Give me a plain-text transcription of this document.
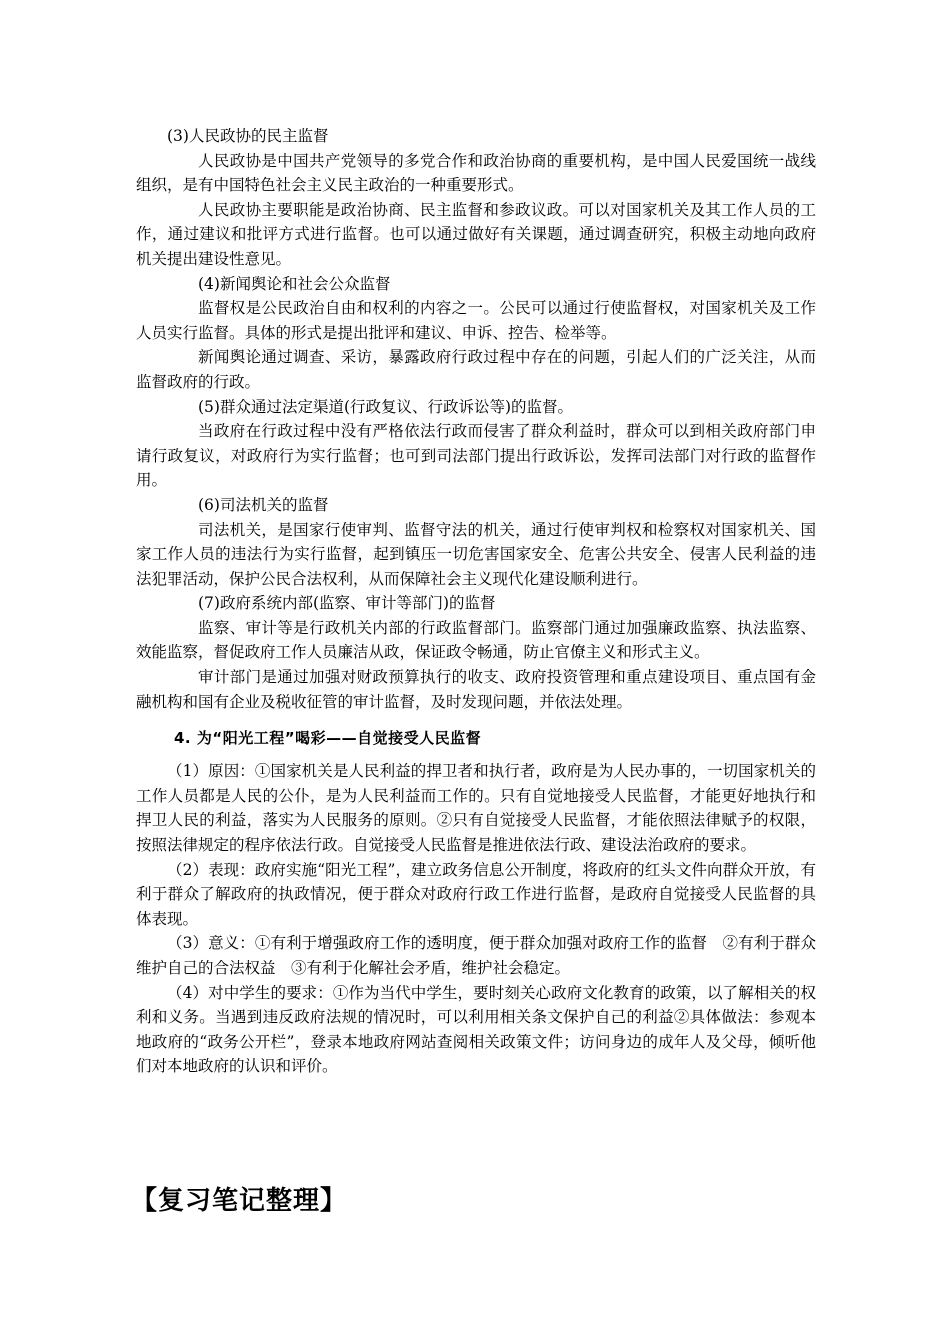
(3)人民政协的民主监督

人民政协是中国共产党领导的多党合作和政治协商的重要机构，是中国人民爱国统一战线组织，是有中国特色社会主义民主政治的一种重要形式。

人民政协主要职能是政治协商、民主监督和参政议政。可以对国家机关及其工作人员的工作，通过建议和批评方式进行监督。也可以通过做好有关课题，通过调查研究，积极主动地向政府机关提出建设性意见。

(4)新闻舆论和社会公众监督

监督权是公民政治自由和权利的内容之一。公民可以通过行使监督权，对国家机关及工作人员实行监督。具体的形式是提出批评和建议、申诉、控告、检举等。

新闻舆论通过调查、采访，暴露政府行政过程中存在的问题，引起人们的广泛关注，从而监督政府的行政。

(5)群众通过法定渠道(行政复议、行政诉讼等)的监督。

当政府在行政过程中没有严格依法行政而侵害了群众利益时，群众可以到相关政府部门申请行政复议，对政府行为实行监督；也可到司法部门提出行政诉讼，发挥司法部门对行政的监督作用。

(6)司法机关的监督

司法机关，是国家行使审判、监督守法的机关，通过行使审判权和检察权对国家机关、国家工作人员的违法行为实行监督，起到镇压一切危害国家安全、危害公共安全、侵害人民利益的违法犯罪活动，保护公民合法权利，从而保障社会主义现代化建设顺利进行。

(7)政府系统内部(监察、审计等部门)的监督

监察、审计等是行政机关内部的行政监督部门。监察部门通过加强廉政监察、执法监察、效能监察，督促政府工作人员廉洁从政，保证政令畅通，防止官僚主义和形式主义。

审计部门是通过加强对财政预算执行的收支、政府投资管理和重点建设项目、重点国有金融机构和国有企业及税收征管的审计监督，及时发现问题，并依法处理。

4. 为“阳光工程”喝彩——自觉接受人民监督

（1）原因：①国家机关是人民利益的捍卫者和执行者，政府是为人民办事的，一切国家机关的工作人员都是人民的公仆，是为人民利益而工作的。只有自觉地接受人民监督，才能更好地执行和捍卫人民的利益，落实为人民服务的原则。②只有自觉接受人民监督，才能依照法律赋予的权限，按照法律规定的程序依法行政。自觉接受人民监督是推进依法行政、建设法治政府的要求。

（2）表现：政府实施“阳光工程”，建立政务信息公开制度，将政府的红头文件向群众开放，有利于群众了解政府的执政情况，便于群众对政府行政工作进行监督，是政府自觉接受人民监督的具体表现。

（3）意义：①有利于增强政府工作的透明度，便于群众加强对政府工作的监督　②有利于群众维护自己的合法权益　③有利于化解社会矛盾，维护社会稳定。

（4）对中学生的要求：①作为当代中学生，要时刻关心政府文化教育的政策，以了解相关的权利和义务。当遇到违反政府法规的情况时，可以利用相关条文保护自己的利益②具体做法：参观本地政府的“政务公开栏”，登录本地政府网站查阅相关政策文件；访问身边的成年人及父母，倾听他们对本地政府的认识和评价。

【复习笔记整理】
